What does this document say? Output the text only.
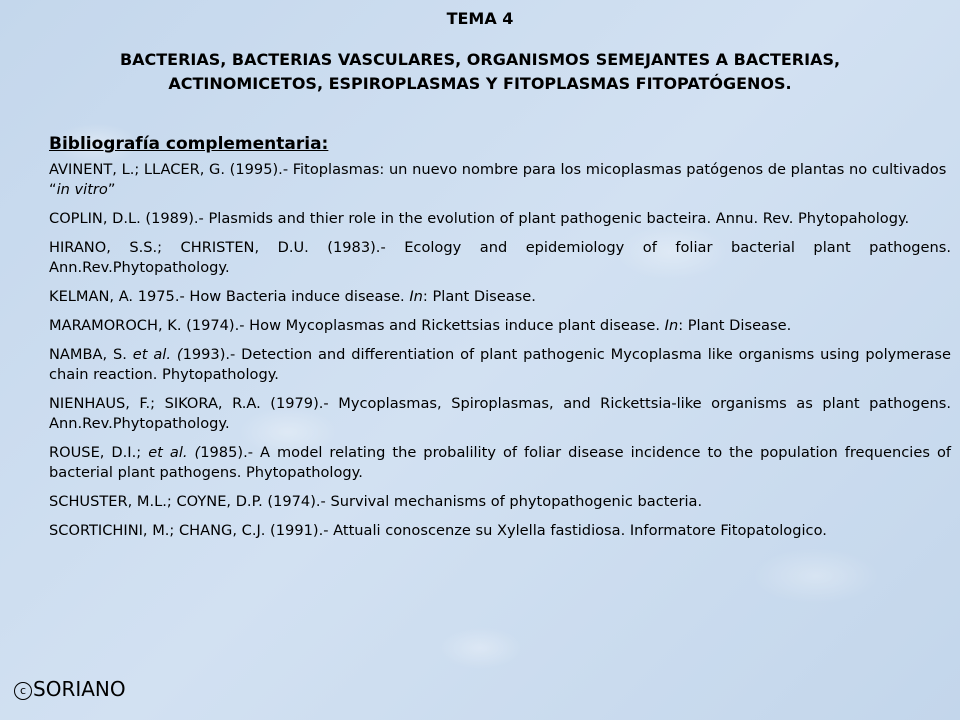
TEMA 4
BACTERIAS, BACTERIAS VASCULARES, ORGANISMOS SEMEJANTES A BACTERIAS, ACTINOMICETOS, ESPIROPLASMAS Y FITOPLASMAS FITOPATÓGENOS.
Bibliografía complementaria:

AVINENT, L.; LLACER, G. (1995).- Fitoplasmas: un nuevo nombre para los micoplasmas patógenos de plantas no cultivados “in vitro”

COPLIN, D.L. (1989).- Plasmids and thier role in the evolution of plant pathogenic bacteira. Annu. Rev. Phytopahology.

HIRANO, S.S.; CHRISTEN, D.U. (1983).- Ecology and epidemiology of foliar bacterial plant pathogens. Ann.Rev.Phytopathology.

KELMAN, A. 1975.- How Bacteria induce disease. In: Plant Disease.

MARAMOROCH, K. (1974).- How Mycoplasmas and Rickettsias induce plant disease. In: Plant Disease.

NAMBA, S. et al. (1993).- Detection and differentiation of plant pathogenic Mycoplasma like organisms using polymerase chain reaction. Phytopathology.

NIENHAUS, F.; SIKORA, R.A. (1979).- Mycoplasmas, Spiroplasmas, and Rickettsia-like organisms as plant pathogens. Ann.Rev.Phytopathology.

ROUSE, D.I.; et al. (1985).- A model relating the probalility of foliar disease incidence to the population frequencies of bacterial plant pathogens. Phytopathology.

SCHUSTER, M.L.; COYNE, D.P. (1974).- Survival mechanisms of phytopathogenic bacteria.

SCORTICHINI, M.; CHANG, C.J. (1991).- Attuali conoscenze su Xylella fastidiosa. Informatore Fitopatologico.

c SORIANO
